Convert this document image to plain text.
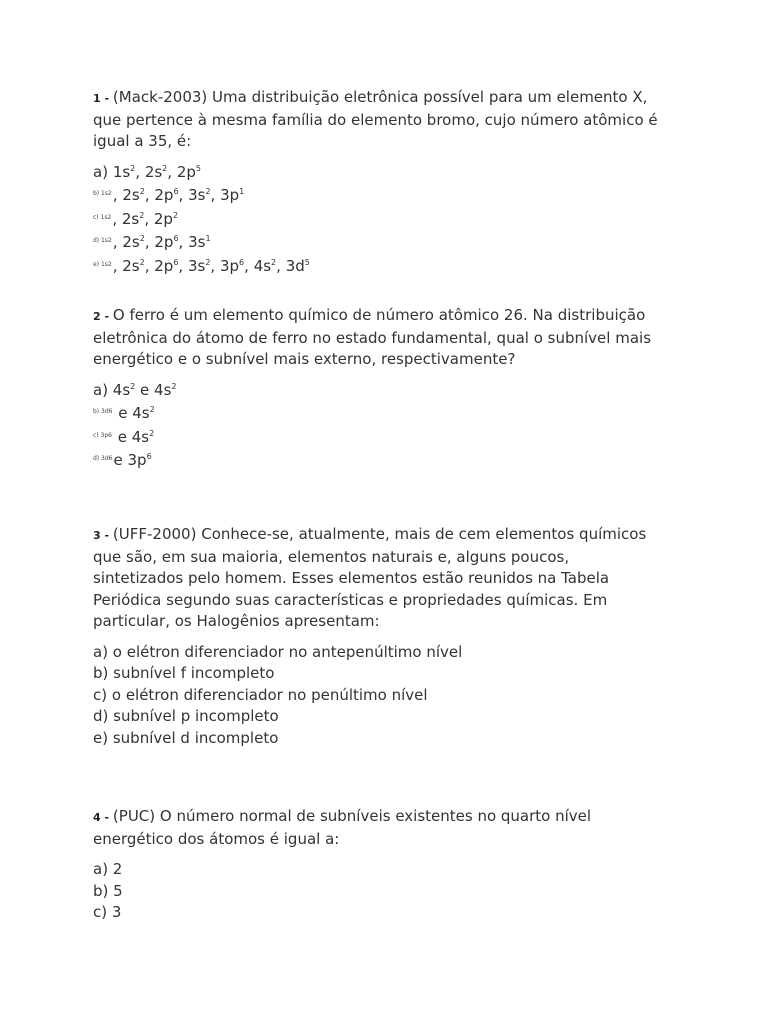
1 - (Mack-2003) Uma distribuição eletrônica possível para um elemento X, que pertence à mesma família do elemento bromo, cujo número atômico é igual a 35, é:

a) $1s^2$, $2s^2$, $2p^5$
$^{b) 1s2}$, $2s^2$, $2p^6$, $3s^2$, $3p^1$
$^{c) 1s2}$, $2s^2$, $2p^2$
$^{d) 1s2}$, $2s^2$, $2p^6$, $3s^1$
$^{e) 1s2}$, $2s^2$, $2p^6$, $3s^2$, $3p^6$, $4s^2$, $3d^5$

2 - O ferro é um elemento químico de número atômico 26. Na distribuição eletrônica do átomo de ferro no estado fundamental, qual o subnível mais energético e o subnível mais externo, respectivamente?

a) $4s^2$ e $4s^2$
$^{b) 3d6}$ e $4s^2$
$^{c) 3p6}$ e $4s^2$
$^{d) 3d6}$e $3p^6$

3 - (UFF-2000) Conhece-se, atualmente, mais de cem elementos químicos que são, em sua maioria, elementos naturais e, alguns poucos, sintetizados pelo homem. Esses elementos estão reunidos na Tabela Periódica segundo suas características e propriedades químicas. Em particular, os Halogênios apresentam:

a) o elétron diferenciador no antepenúltimo nível
b) subnível f incompleto
c) o elétron diferenciador no penúltimo nível
d) subnível p incompleto
e) subnível d incompleto

4 - (PUC) O número normal de subníveis existentes no quarto nível energético dos átomos é igual a:

a) 2
b) 5
c) 3
